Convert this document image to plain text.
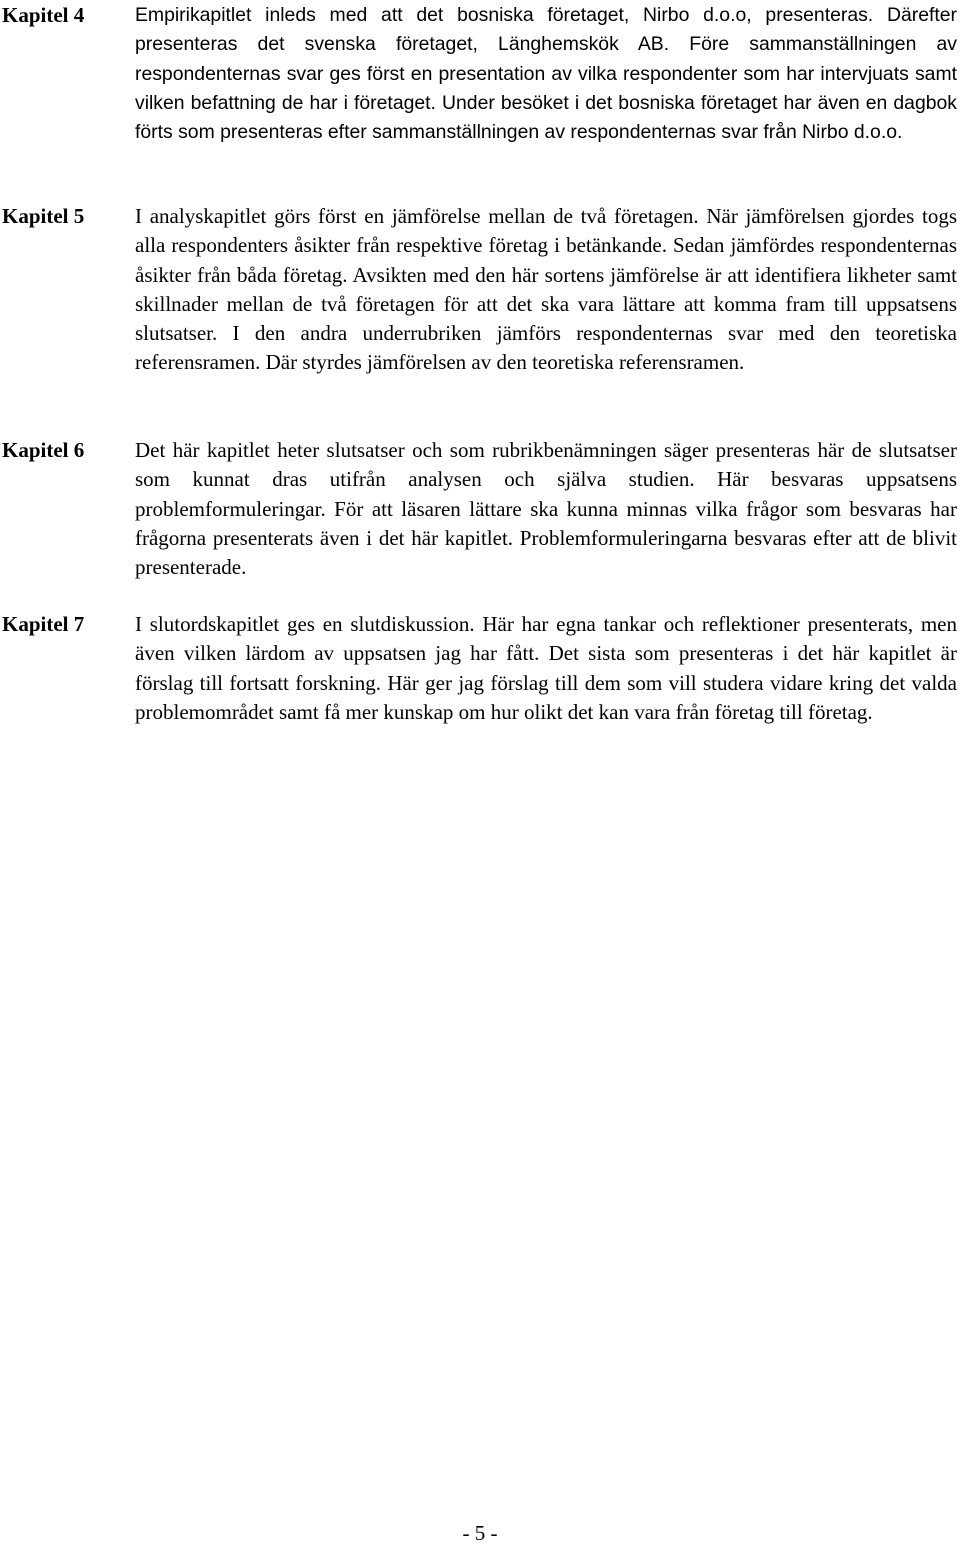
Kapitel 4	Empirikapitlet inleds med att det bosniska företaget, Nirbo d.o.o, presenteras. Därefter presenteras det svenska företaget, Länghemskök AB. Före sammanställningen av respondenternas svar ges först en presentation av vilka respondenter som har intervjuats samt vilken befattning de har i företaget. Under besöket i det bosniska företaget har även en dagbok förts som presenteras efter sammanställningen av respondenternas svar från Nirbo d.o.o.

Kapitel 5	I analyskapitlet görs först en jämförelse mellan de två företagen. När jämförelsen gjordes togs alla respondenters åsikter från respektive företag i betänkande. Sedan jämfördes respondenternas åsikter från båda företag. Avsikten med den här sortens jämförelse är att identifiera likheter samt skillnader mellan de två företagen för att det ska vara lättare att komma fram till uppsatsens slutsatser. I den andra underrubriken jämförs respondenternas svar med den teoretiska referensramen. Där styrdes jämförelsen av den teoretiska referensramen.

Kapitel 6	Det här kapitlet heter slutsatser och som rubrikbenämningen säger presenteras här de slutsatser som kunnat dras utifrån analysen och själva studien. Här besvaras uppsatsens problemformuleringar. För att läsaren lättare ska kunna minnas vilka frågor som besvaras har frågorna presenterats även i det här kapitlet. Problemformuleringarna besvaras efter att de blivit presenterade.

Kapitel 7	I slutordskapitlet ges en slutdiskussion. Här har egna tankar och reflektioner presenterats, men även vilken lärdom av uppsatsen jag har fått. Det sista som presenteras i det här kapitlet är förslag till fortsatt forskning. Här ger jag förslag till dem som vill studera vidare kring det valda problemområdet samt få mer kunskap om hur olikt det kan vara från företag till företag.

- 5 -
